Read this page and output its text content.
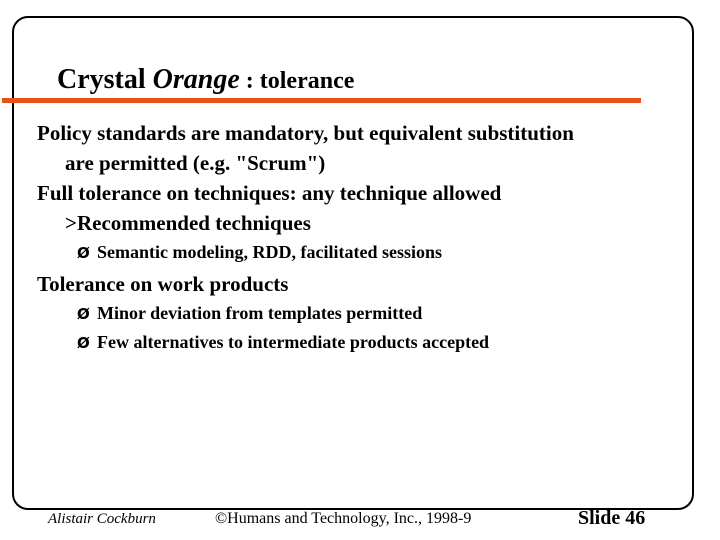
Crystal Orange : tolerance
Policy standards are mandatory, but equivalent substitution
are permitted (e.g. "Scrum")
Full tolerance on techniques: any technique allowed
>Recommended techniques
Ø Semantic modeling, RDD, facilitated sessions
Tolerance on work products
Ø Minor deviation from templates permitted
Ø Few alternatives to intermediate products accepted
Alistair Cockburn	©Humans and Technology, Inc., 1998-9	Slide 46
